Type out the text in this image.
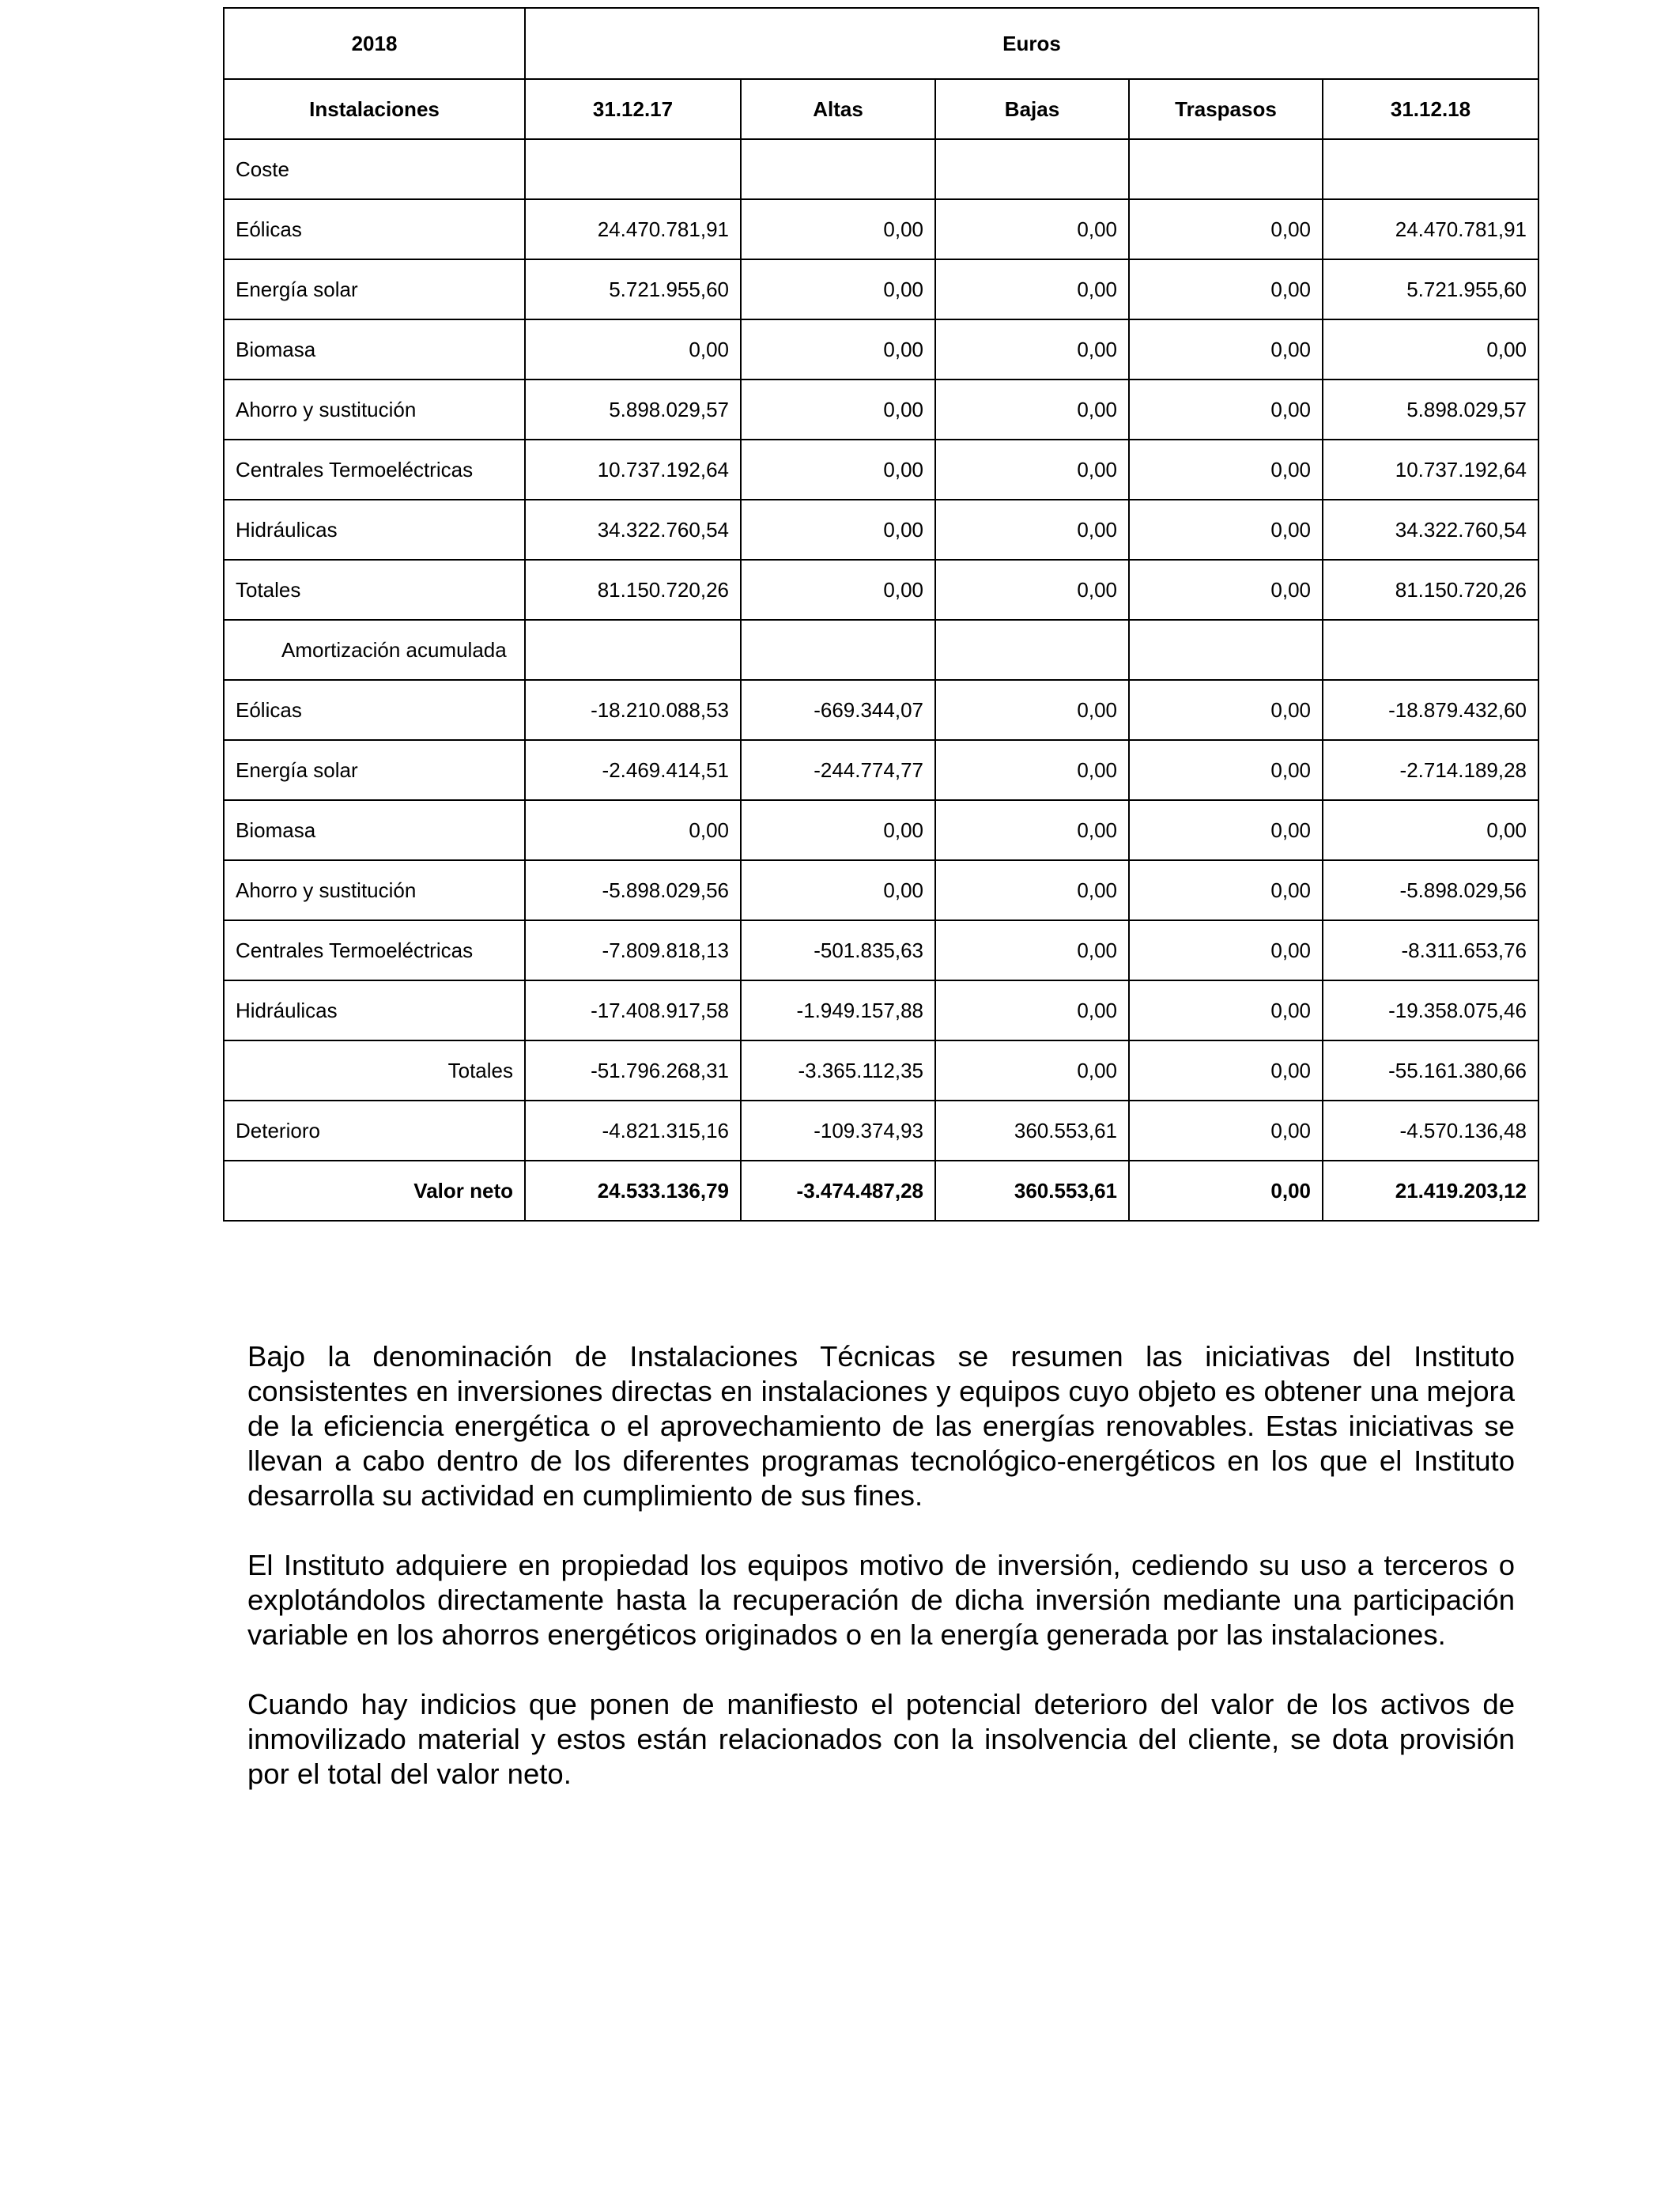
2018	Euros				
Instalaciones	31.12.17	Altas	Bajas	Traspasos	31.12.18
Coste					
Eólicas	24.470.781,91	0,00	0,00	0,00	24.470.781,91
Energía solar	5.721.955,60	0,00	0,00	0,00	5.721.955,60
Biomasa	0,00	0,00	0,00	0,00	0,00
Ahorro y sustitución	5.898.029,57	0,00	0,00	0,00	5.898.029,57
Centrales Termoeléctricas	10.737.192,64	0,00	0,00	0,00	10.737.192,64
Hidráulicas	34.322.760,54	0,00	0,00	0,00	34.322.760,54
Totales	81.150.720,26	0,00	0,00	0,00	81.150.720,26
Amortización acumulada					
Eólicas	-18.210.088,53	-669.344,07	0,00	0,00	-18.879.432,60
Energía solar	-2.469.414,51	-244.774,77	0,00	0,00	-2.714.189,28
Biomasa	0,00	0,00	0,00	0,00	0,00
Ahorro y sustitución	-5.898.029,56	0,00	0,00	0,00	-5.898.029,56
Centrales Termoeléctricas	-7.809.818,13	-501.835,63	0,00	0,00	-8.311.653,76
Hidráulicas	-17.408.917,58	-1.949.157,88	0,00	0,00	-19.358.075,46
Totales	-51.796.268,31	-3.365.112,35	0,00	0,00	-55.161.380,66
Deterioro	-4.821.315,16	-109.374,93	360.553,61	0,00	-4.570.136,48
Valor neto	24.533.136,79	-3.474.487,28	360.553,61	0,00	21.419.203,12

Bajo la denominación de Instalaciones Técnicas se resumen las iniciativas del Instituto consistentes en inversiones directas en instalaciones y equipos cuyo objeto es obtener una mejora de la eficiencia energética o el aprovechamiento de las energías renovables. Estas iniciativas se llevan a cabo dentro de los diferentes programas tecnológico-energéticos en los que el Instituto desarrolla su actividad en cumplimiento de sus fines.

El Instituto adquiere en propiedad los equipos motivo de inversión, cediendo su uso a terceros o explotándolos directamente hasta la recuperación de dicha inversión mediante una participación variable en los ahorros energéticos originados o en la energía generada por las instalaciones.

Cuando hay indicios que ponen de manifiesto el potencial deterioro del valor de los activos de inmovilizado material y estos están relacionados con la insolvencia del cliente, se dota provisión por el total del valor neto.
